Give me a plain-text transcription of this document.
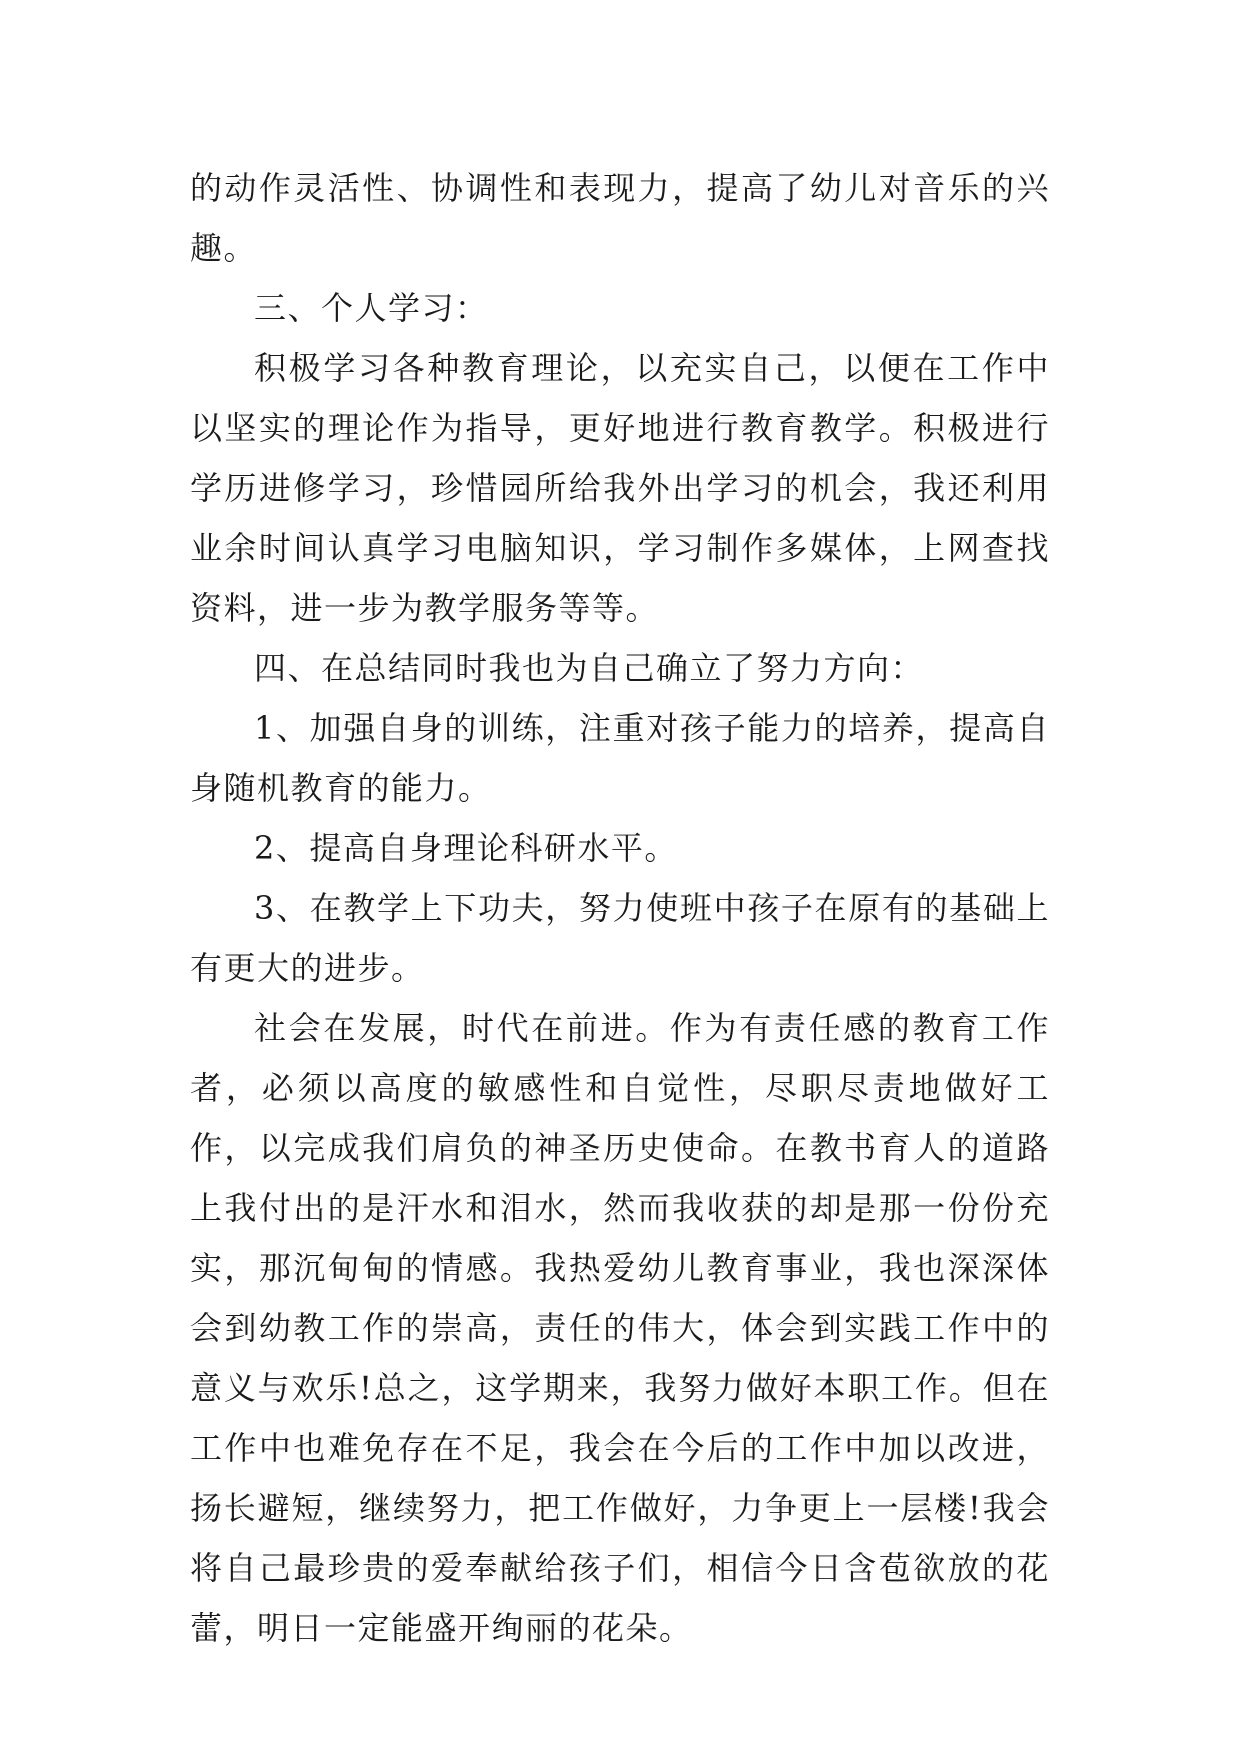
的动作灵活性、协调性和表现力，提高了幼儿对音乐的兴趣。

三、个人学习：

积极学习各种教育理论，以充实自己，以便在工作中以坚实的理论作为指导，更好地进行教育教学。积极进行学历进修学习，珍惜园所给我外出学习的机会，我还利用业余时间认真学习电脑知识，学习制作多媒体，上网查找资料，进一步为教学服务等等。

四、在总结同时我也为自己确立了努力方向：

1、加强自身的训练，注重对孩子能力的培养，提高自身随机教育的能力。

2、提高自身理论科研水平。

3、在教学上下功夫，努力使班中孩子在原有的基础上有更大的进步。

社会在发展，时代在前进。作为有责任感的教育工作者，必须以高度的敏感性和自觉性，尽职尽责地做好工作，以完成我们肩负的神圣历史使命。在教书育人的道路上我付出的是汗水和泪水，然而我收获的却是那一份份充实，那沉甸甸的情感。我热爱幼儿教育事业，我也深深体会到幼教工作的崇高，责任的伟大，体会到实践工作中的意义与欢乐!总之，这学期来，我努力做好本职工作。但在工作中也难免存在不足，我会在今后的工作中加以改进，扬长避短，继续努力，把工作做好，力争更上一层楼!我会将自己最珍贵的爱奉献给孩子们，相信今日含苞欲放的花蕾，明日一定能盛开绚丽的花朵。
